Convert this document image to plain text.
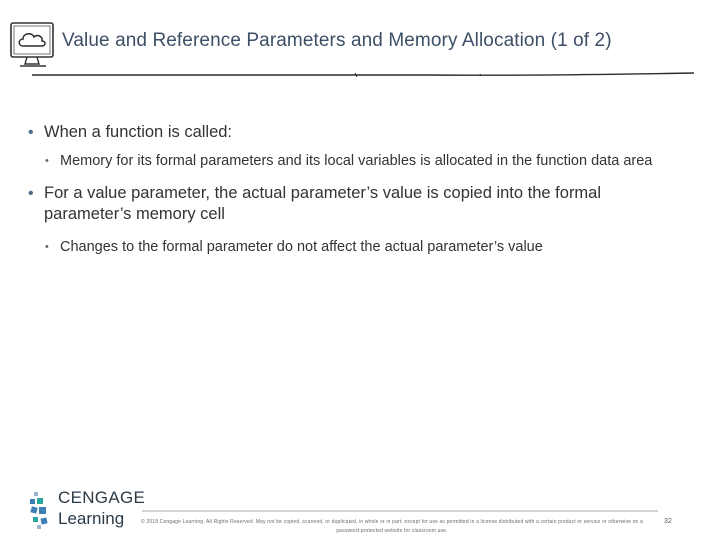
Value and Reference Parameters and Memory Allocation (1 of 2)
• When a function is called:
• Memory for its formal parameters and its local variables is allocated in the function data area
• For a value parameter, the actual parameter’s value is copied into the formal parameter’s memory cell
• Changes to the formal parameter do not affect the actual parameter’s value
CENGAGE
Learning	© 2018 Cengage Learning. All Rights Reserved. May not be copied, scanned, or duplicated, in whole or in part, except for use as permitted in a license distributed with a certain product or service or otherwise on a password-protected website for classroom use.
32
